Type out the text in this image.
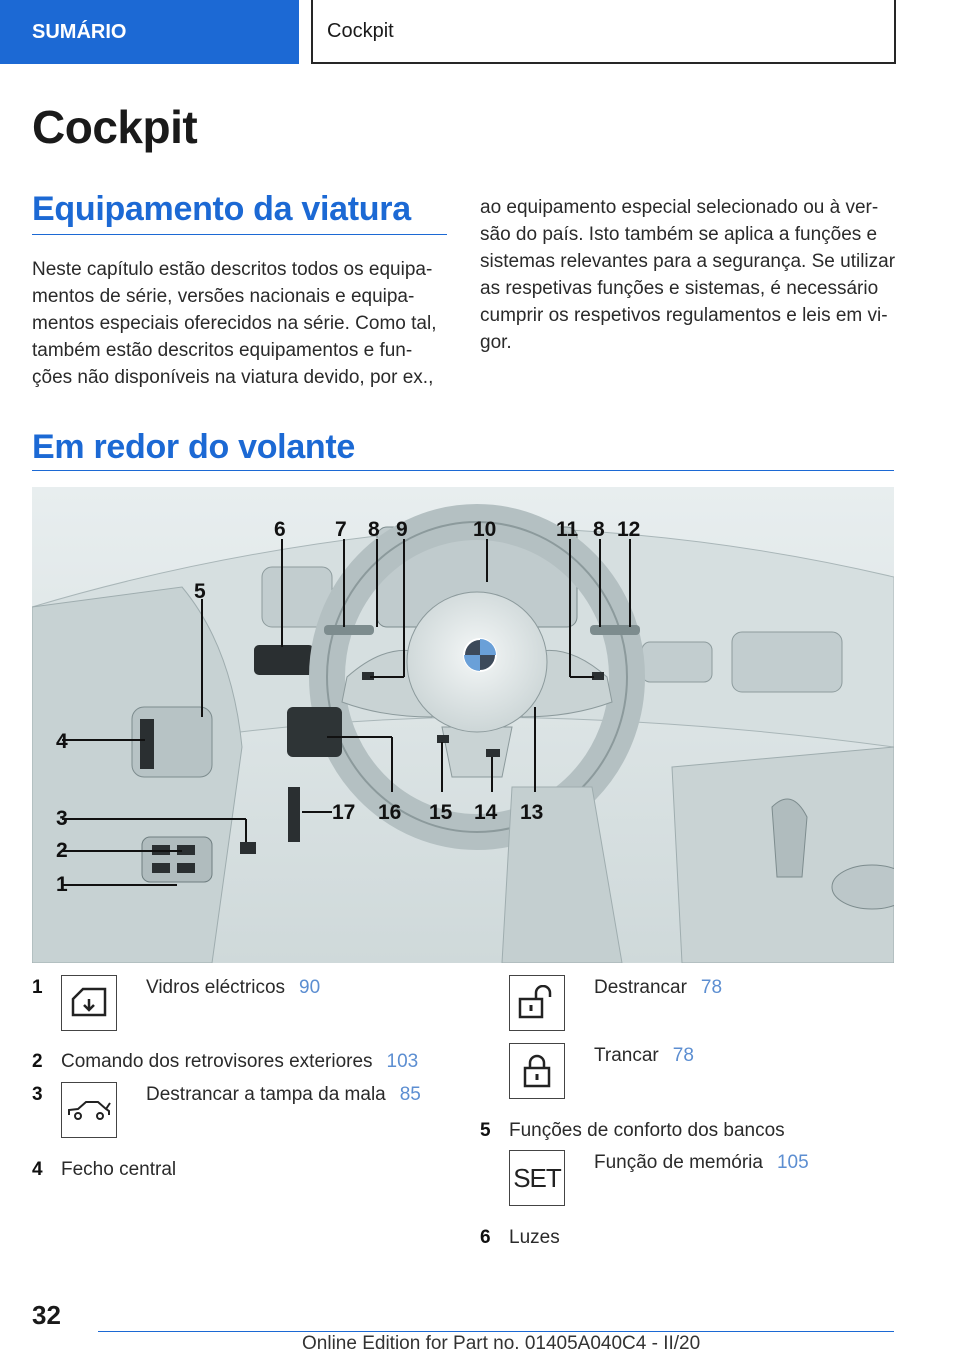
SUMÁRIO	Cockpit
Cockpit
Equipamento da viatura
Neste capítulo estão descritos todos os equipa-
mentos de série, versões nacionais e equipa-
mentos especiais oferecidos na série. Como tal,
também estão descritos equipamentos e fun-
ções não disponíveis na viatura devido, por ex.,
ao equipamento especial selecionado ou à ver-
são do país. Isto também se aplica a funções e
sistemas relevantes para a segurança. Se utilizar
as respetivas funções e sistemas, é necessário
cumprir os respetivos regulamentos e leis em vi-
gor.
Em redor do volante
1
2
3
4
5
6 7 8 9	10	11 8 12
13
14
15
16
17
1	Vidros eléctricos 90
2 Comando dos retrovisores exteriores 103
3	Destrancar a tampa da mala 85
4 Fecho central
Destrancar 78
Trancar 78
5 Funções de conforto dos bancos
SET Função de memória 105
6 Luzes
32
Online Edition for Part no. 01405A040C4 - II/20
